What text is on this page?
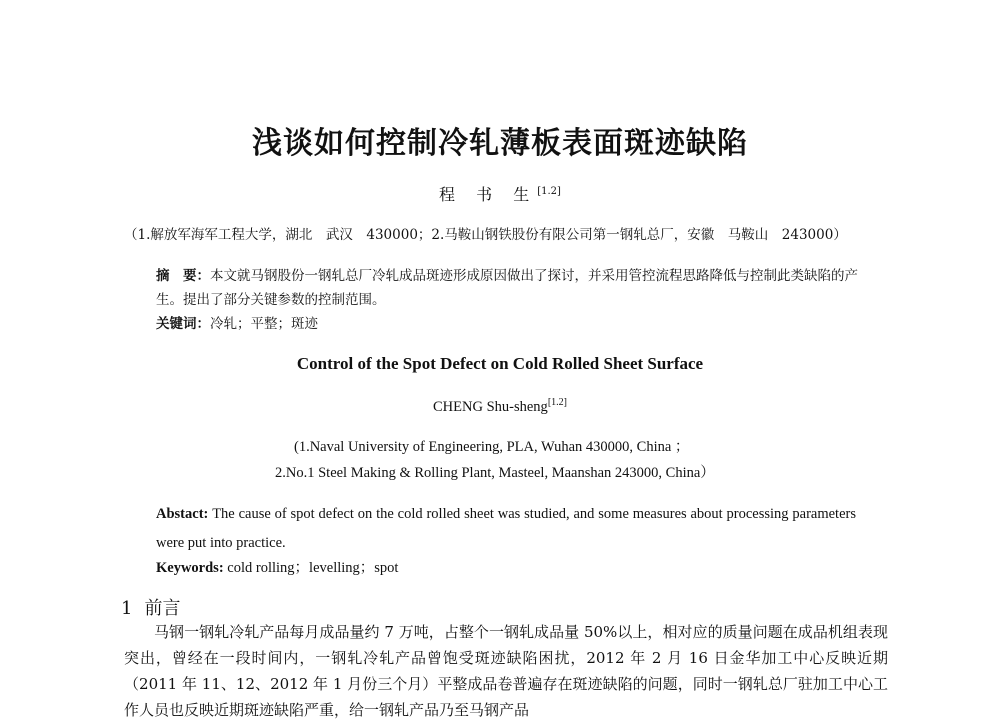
浅谈如何控制冷轧薄板表面斑迹缺陷
程 书 生[1.2]
（1.解放军海军工程大学，湖北　武汉　430000；2.马鞍山钢铁股份有限公司第一钢轧总厂，安徽　马鞍山　243000）
摘　要：本文就马钢股份一钢轧总厂冷轧成品斑迹形成原因做出了探讨，并采用管控流程思路降低与控制此类缺陷的产生。提出了部分关键参数的控制范围。
关键词：冷轧；平整；斑迹
Control of the Spot Defect on Cold Rolled Sheet Surface
CHENG Shu-sheng[1.2]
(1.Naval University of Engineering, PLA, Wuhan 430000, China ；
2.No.1 Steel Making & Rolling Plant, Masteel, Maanshan 243000, China）
Abstact: The cause of spot defect on the cold rolled sheet was studied, and some measures about processing parameters were put into practice.
Keywords: cold rolling；levelling；spot
1 前言

马钢一钢轧冷轧产品每月成品量约 7 万吨，占整个一钢轧成品量 50%以上，相对应的质量问题在成品机组表现突出，曾经在一段时间内，一钢轧冷轧产品曾饱受斑迹缺陷困扰，2012 年 2 月 16 日金华加工中心反映近期（2011 年 11、12、2012 年 1 月份三个月）平整成品卷普遍存在斑迹缺陷的问题，同时一钢轧总厂驻加工中心工作人员也反映近期斑迹缺陷严重，给一钢轧产品乃至马钢产品
